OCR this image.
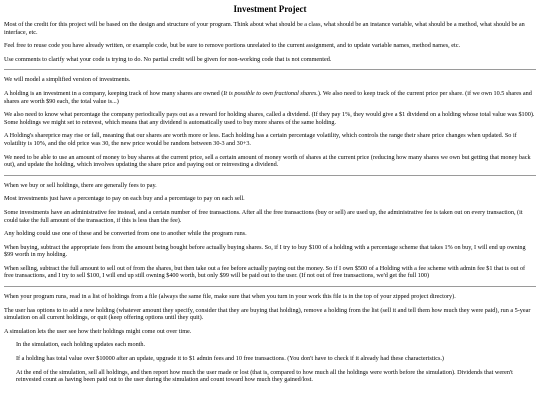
Investment Project

Most of the credit for this project will be based on the design and structure of your program. Think about what should be a class, what should be an instance variable, what should be a method, what should be an interface, etc.

Feel free to reuse code you have already written, or example code, but be sure to remove portions unrelated to the current assignment, and to update variable names, method names, etc.

Use comments to clarify what your code is trying to do. No partial credit will be given for non-working code that is not commented.

We will model a simplified version of investments.

A holding is an investment in a company, keeping track of how many shares are owned (It is possible to own fractional shares.). We also need to keep track of the current price per share. (if we own 10.5 shares and shares are worth $90 each, the total value is...)

We also need to know what percentage the company periodically pays out as a reward for holding shares, called a dividend. (If they pay 1%, they would give a $1 dividend on a holding whose total value was $100). Some holdings we might set to reinvest, which means that any dividend is automatically used to buy more shares of the same holding.

A Holding's shareprice may rise or fall, meaning that our shares are worth more or less. Each holding has a certain percentage volatility, which controls the range their share price changes when updated. So if volatility is 10%, and the old price was 30, the new price would be random between 30-3 and 30+3.

We need to be able to use an amount of money to buy shares at the current price, sell a certain amount of money worth of shares at the current price (reducing how many shares we own but getting that money back out), and update the holding, which involves updating the share price and paying out or reinvesting a dividend.

When we buy or sell holdings, there are generally fees to pay.

Most investments just have a percentage to pay on each buy and a percentage to pay on each sell.

Some investments have an administrative fee instead, and a certain number of free transactions. After all the free transactions (buy or sell) are used up, the administrative fee is taken out on every transaction, (it could take the full amount of the transaction, if this is less than the fee).

Any holding could use one of these and be converted from one to another while the program runs.

When buying, subtract the appropriate fees from the amount being bought before actually buying shares. So, if I try to buy $100 of a holding with a percentage scheme that takes 1% on buy, I will end up owning $99 worth in my holding.

When selling, subtract the full amount to sell out of from the shares, but then take out a fee before actually paying out the money. So if I own $500 of a Holding with a fee scheme with admin fee $1 that is out of free transactions, and I try to sell $100, I will end up still owning $400 worth, but only $99 will be paid out to the user. (If not out of free transactions, we'd get the full 100)

When your program runs, read in a list of holdings from a file (always the same file, make sure that when you turn in your work this file is in the top of your zipped project directory).

The user has options to to add a new holding (whatever amount they specify, consider that they are buying that holding), remove a holding from the list (sell it and tell them how much they were paid), run a 5-year simulation on all current holdings, or quit (keep offering options until they quit).

A simulation lets the user see how their holdings might come out over time.

In the simulation, each holding updates each month.

If a holding has total value over $10000 after an update, upgrade it to $1 admin fees and 10 free transactions. (You don't have to check if it already had these characteristics.)

At the end of the simulation, sell all holdings, and then report how much the user made or lost (that is, compared to how much all the holdings were worth before the simulation). Dividends that weren't reinvested count as having been paid out to the user during the simulation and count toward how much they gained/lost.
